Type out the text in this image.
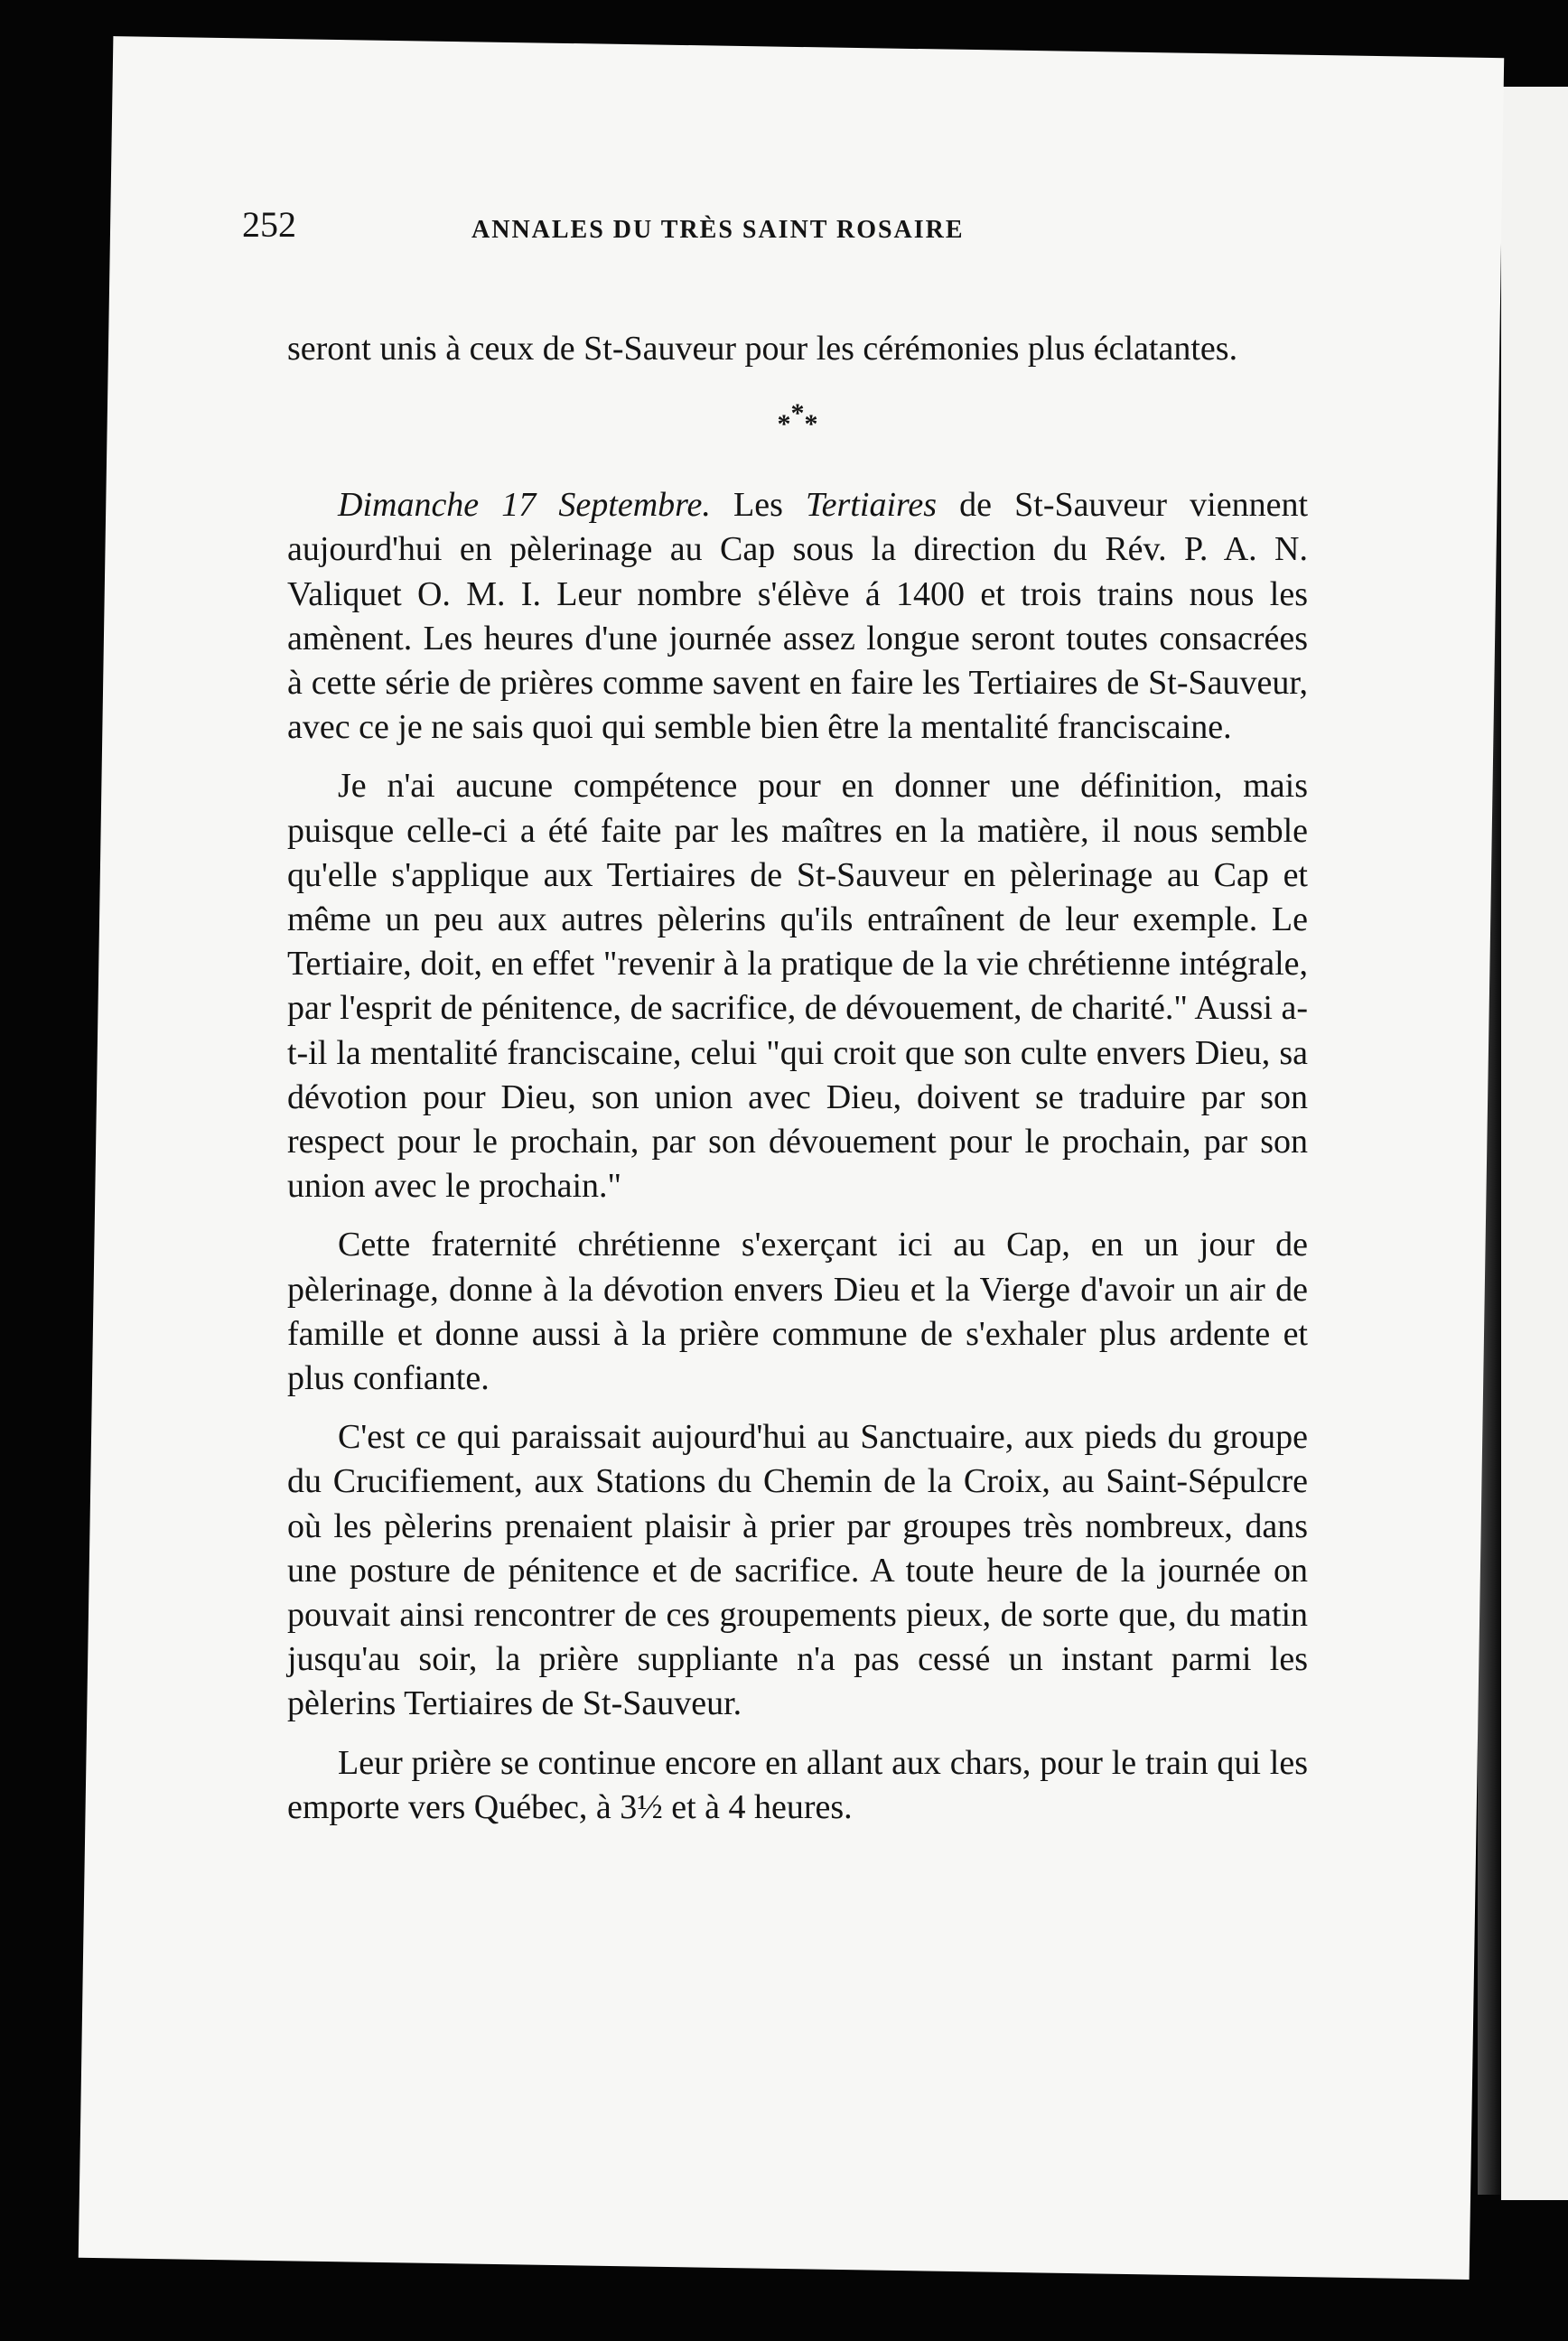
252	ANNALES DU TRÈS SAINT ROSAIRE

seront unis à ceux de St-Sauveur pour les cérémonies plus éclatantes.

***

Dimanche 17 Septembre. Les Tertiaires de St-Sauveur viennent aujourd'hui en pèlerinage au Cap sous la direction du Rév. P. A. N. Valiquet O. M. I. Leur nombre s'élève á 1400 et trois trains nous les amènent. Les heures d'une journée assez longue seront toutes consacrées à cette série de prières comme savent en faire les Tertiaires de St-Sauveur, avec ce je ne sais quoi qui semble bien être la mentalité franciscaine.

Je n'ai aucune compétence pour en donner une définition, mais puisque celle-ci a été faite par les maîtres en la matière, il nous semble qu'elle s'applique aux Tertiaires de St-Sauveur en pèlerinage au Cap et même un peu aux autres pèlerins qu'ils entraînent de leur exemple. Le Tertiaire, doit, en effet "revenir à la pratique de la vie chrétienne intégrale, par l'esprit de pénitence, de sacrifice, de dévouement, de charité." Aussi a-t-il la mentalité franciscaine, celui "qui croit que son culte envers Dieu, sa dévotion pour Dieu, son union avec Dieu, doivent se traduire par son respect pour le prochain, par son dévouement pour le prochain, par son union avec le prochain."

Cette fraternité chrétienne s'exerçant ici au Cap, en un jour de pèlerinage, donne à la dévotion envers Dieu et la Vierge d'avoir un air de famille et donne aussi à la prière commune de s'exhaler plus ardente et plus confiante.

C'est ce qui paraissait aujourd'hui au Sanctuaire, aux pieds du groupe du Crucifiement, aux Stations du Chemin de la Croix, au Saint-Sépulcre où les pèlerins prenaient plaisir à prier par groupes très nombreux, dans une posture de pénitence et de sacrifice. A toute heure de la journée on pouvait ainsi rencontrer de ces groupements pieux, de sorte que, du matin jusqu'au soir, la prière suppliante n'a pas cessé un instant parmi les pèlerins Tertiaires de St-Sauveur.

Leur prière se continue encore en allant aux chars, pour le train qui les emporte vers Québec, à 3½ et à 4 heures.
